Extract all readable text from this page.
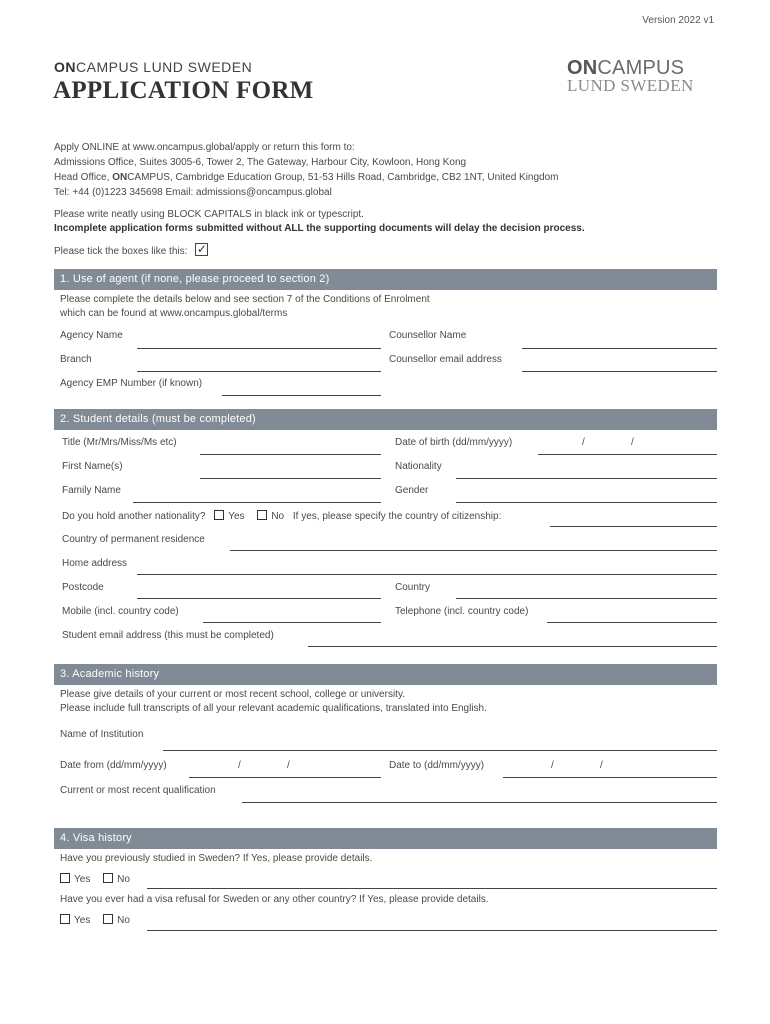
Version 2022 v1
ONCAMPUS LUND SWEDEN
APPLICATION FORM
ONCAMPUS
LUND SWEDEN
Apply ONLINE at www.oncampus.global/apply or return this form to:
Admissions Office, Suites 3005-6, Tower 2, The Gateway, Harbour City, Kowloon, Hong Kong
Head Office, ONCAMPUS, Cambridge Education Group, 51-53 Hills Road, Cambridge, CB2 1NT, United Kingdom
Tel: +44 (0)1223 345698 Email: admissions@oncampus.global
Please write neatly using BLOCK CAPITALS in black ink or typescript.
Incomplete application forms submitted without ALL the supporting documents will delay the decision process.
Please tick the boxes like this: ✓
1. Use of agent (if none, please proceed to section 2)
Please complete the details below and see section 7 of the Conditions of Enrolment
which can be found at www.oncampus.global/terms
Agency Name	Counsellor Name
Branch	Counsellor email address
Agency EMP Number (if known)
2. Student details (must be completed)
Title (Mr/Mrs/Miss/Ms etc)	Date of birth (dd/mm/yyyy)	/	/
First Name(s)	Nationality
Family Name	Gender
Do you hold another nationality? Yes	No If yes, please specify the country of citizenship:
Country of permanent residence
Home address
Postcode	Country
Mobile (incl. country code)	Telephone (incl. country code)
Student email address (this must be completed)
3. Academic history
Please give details of your current or most recent school, college or university.
Please include full transcripts of all your relevant academic qualifications, translated into English.
Name of Institution
Date from (dd/mm/yyyy)	/	/	Date to (dd/mm/yyyy)	/	/
Current or most recent qualification
4. Visa history
Have you previously studied in Sweden? If Yes, please provide details.
Yes	No
Have you ever had a visa refusal for Sweden or any other country? If Yes, please provide details.
Yes	No
